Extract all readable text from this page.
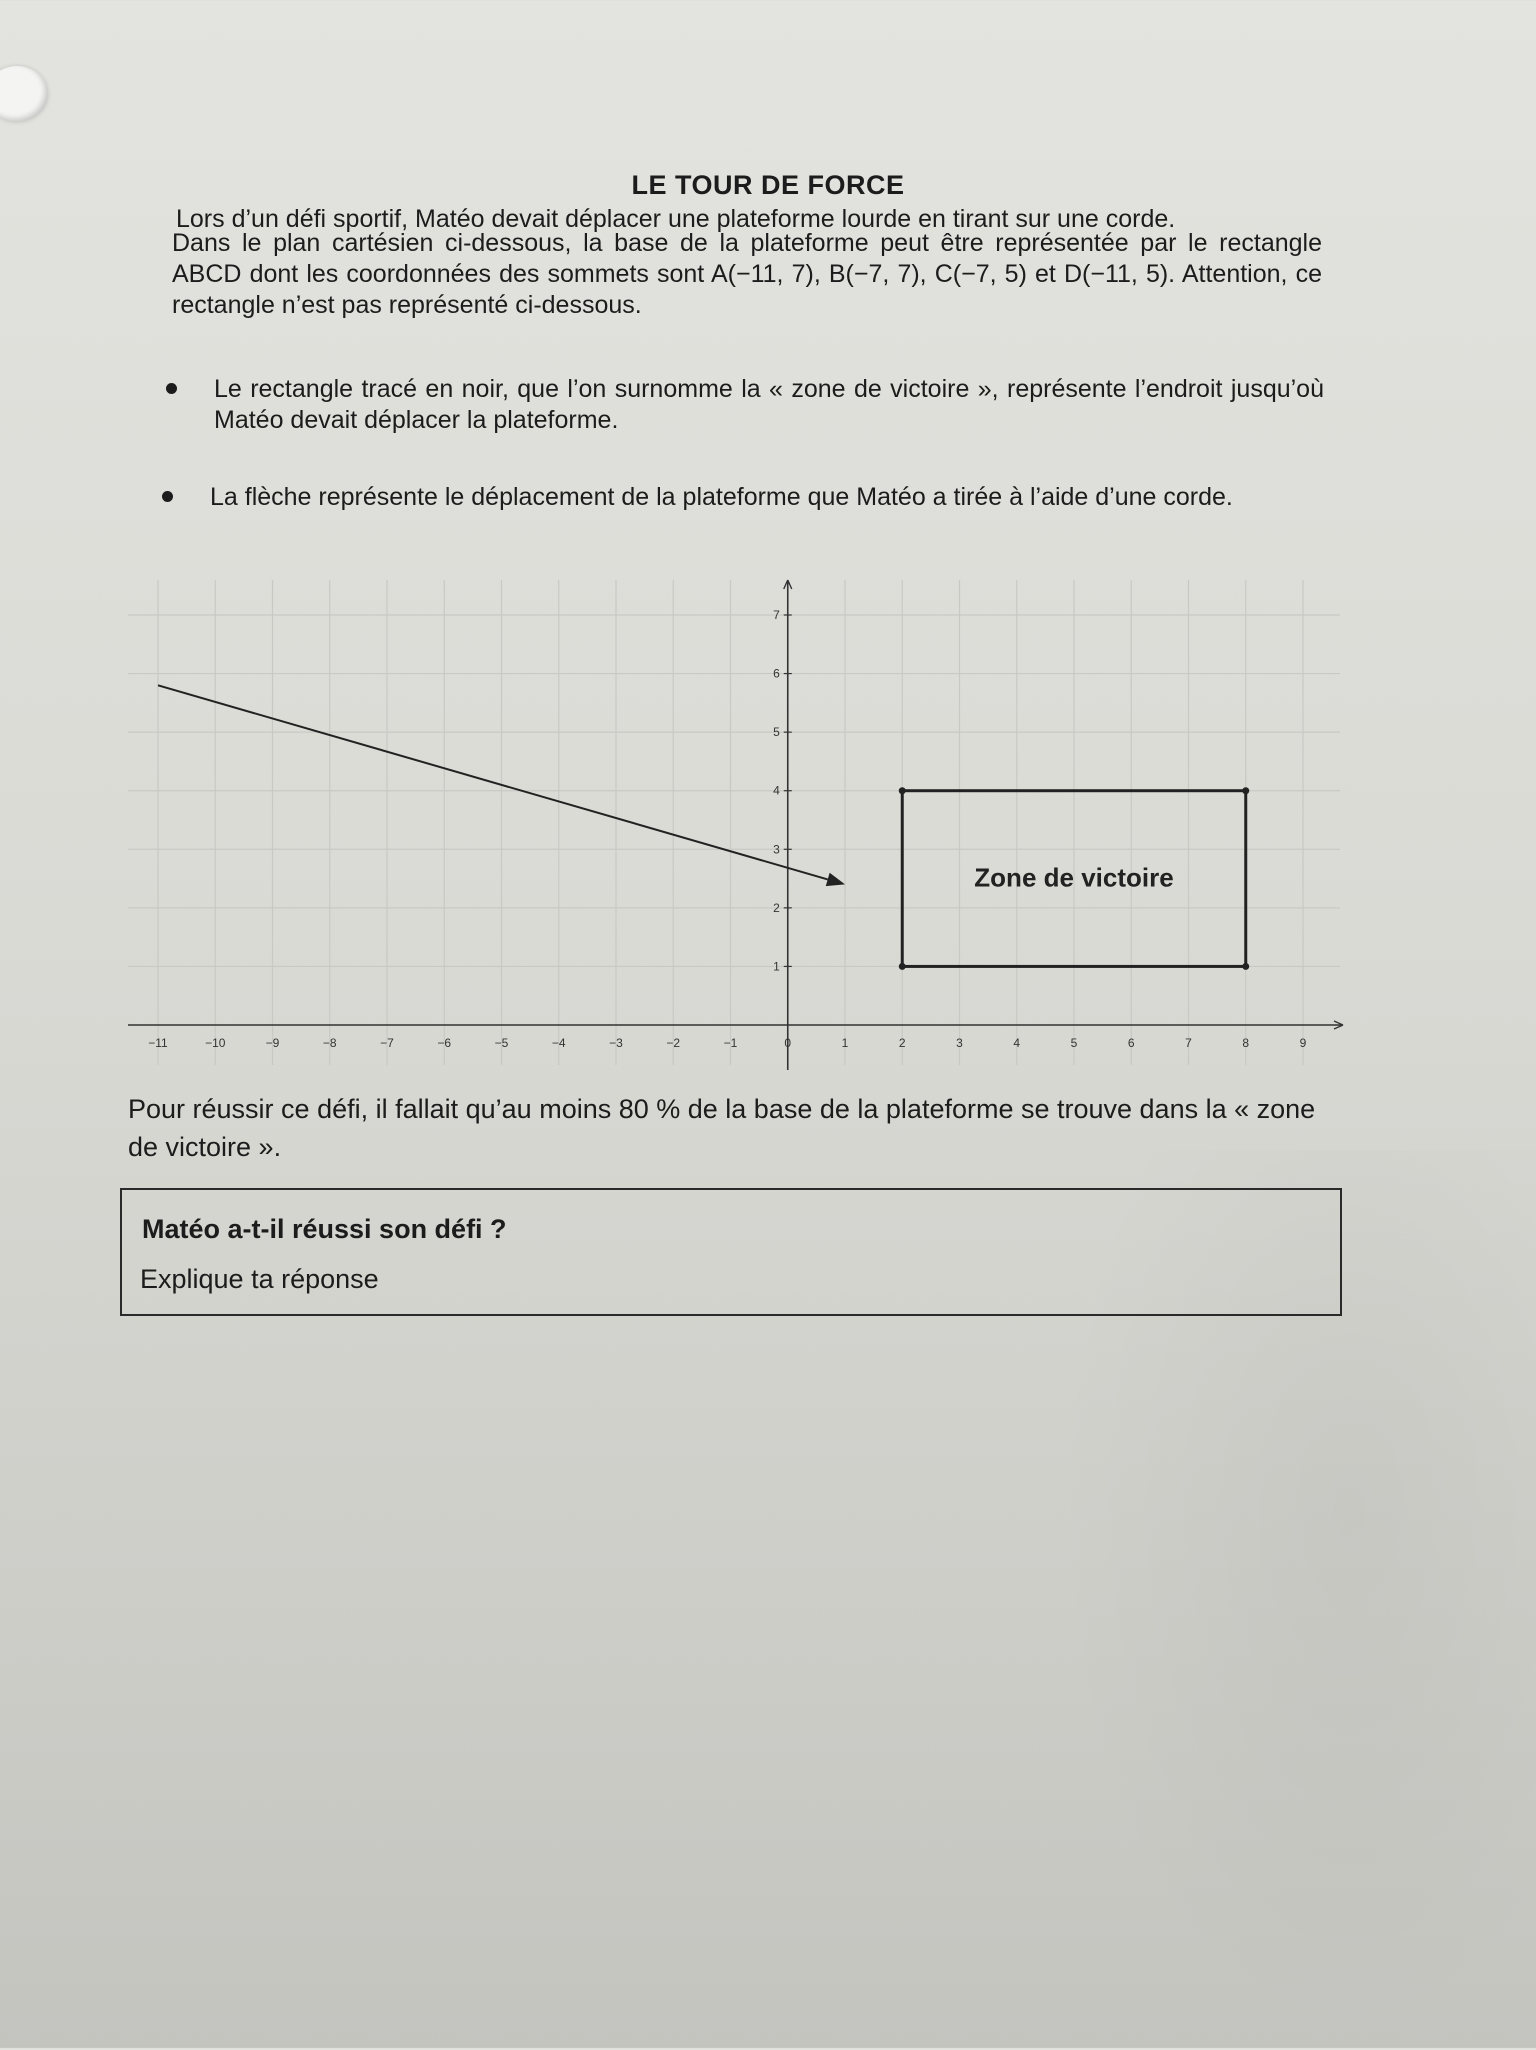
LE TOUR DE FORCE
Lors d’un défi sportif, Matéo devait déplacer une plateforme lourde en tirant sur une corde.
Dans le plan cartésien ci-dessous, la base de la plateforme peut être représentée par le rectangle ABCD dont les coordonnées des sommets sont A(−11, 7), B(−7, 7), C(−7, 5) et D(−11, 5). Attention, ce rectangle n’est pas représenté ci-dessous.
Le rectangle tracé en noir, que l’on surnomme la « zone de victoire », représente l’endroit jusqu’où Matéo devait déplacer la plateforme.
La flèche représente le déplacement de la plateforme que Matéo a tirée à l’aide d’une corde.
−11	−10	−9	−8	−7	−6	−5	−4	−3	−2	−1	0	1	2	3	4	5	6	7	8	9
1
2
3
4
5
6
7
Zone de victoire
Pour réussir ce défi, il fallait qu’au moins 80 % de la base de la plateforme se trouve dans la « zone de victoire ».
Matéo a-t-il réussi son défi ?
Explique ta réponse
